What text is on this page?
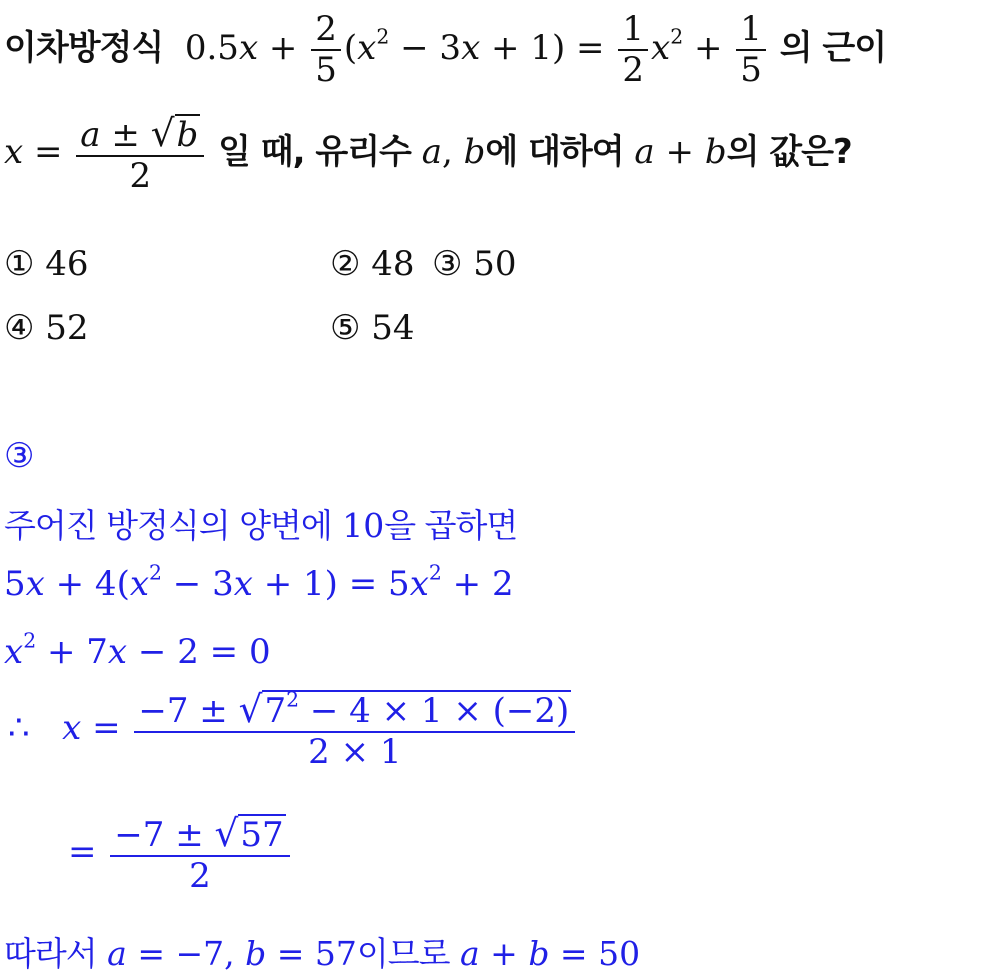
이차방정식  $0.5x + \frac{2}{5} (x^2 - 3x + 1) = \frac{1}{2} x^2 + \frac{1}{5}$ 의 근이
$x = \frac{a \pm √b}{2}$ 일 때, 유리수 a, b에 대하여 a + b의 값은?
① 46	② 48 ③ 50
④ 52	⑤ 54
③
주어진 방정식의 양변에 10을 곱하면
$5x + 4(x^2 - 3x + 1) = 5x^2 + 2$
$x^2 + 7x - 2 = 0$
∴ $x = \frac{-7 \pm √7^2 - 4 \times 1 \times (-2)}{2 \times 1}$
= $\frac{-7 \pm √57}{2}$
따라서 a = −7, b = 57이므로 a + b = 50
